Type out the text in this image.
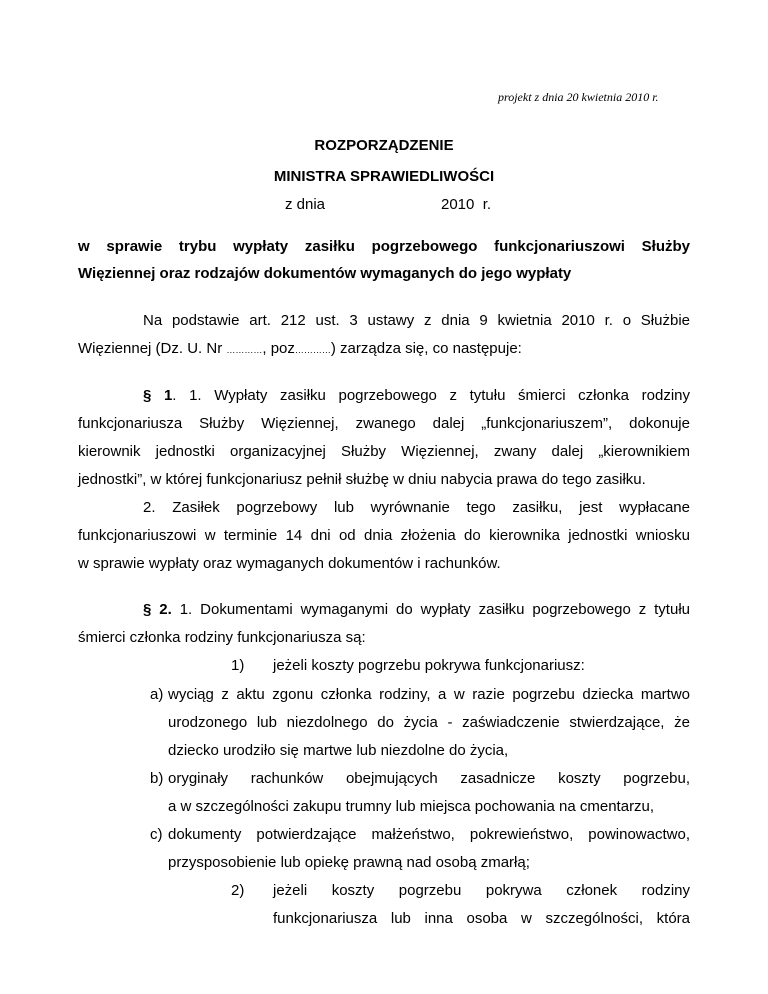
projekt z dnia 20 kwietnia 2010 r.
ROZPORZĄDZENIE
MINISTRA SPRAWIEDLIWOŚCI
z dnia	2010  r.
w sprawie trybu wypłaty zasiłku pogrzebowego funkcjonariuszowi Służby
Więziennej oraz rodzajów dokumentów wymaganych do jego wypłaty
Na podstawie art. 212 ust. 3 ustawy z dnia 9 kwietnia 2010 r. o Służbie
Więziennej (Dz. U. Nr …………, poz…………) zarządza się, co następuje:
§ 1. 1. Wypłaty zasiłku pogrzebowego z tytułu śmierci członka rodziny
funkcjonariusza Służby Więziennej, zwanego dalej „funkcjonariuszem”, dokonuje
kierownik jednostki organizacyjnej Służby Więziennej, zwany dalej „kierownikiem
jednostki”, w której funkcjonariusz pełnił służbę w dniu nabycia prawa do tego zasiłku.
2. Zasiłek pogrzebowy lub wyrównanie tego zasiłku, jest wypłacane
funkcjonariuszowi w terminie 14 dni od dnia złożenia do kierownika jednostki wniosku
w sprawie wypłaty oraz wymaganych dokumentów i rachunków.
§ 2. 1. Dokumentami wymaganymi do wypłaty zasiłku pogrzebowego z tytułu
śmierci członka rodziny funkcjonariusza są:
1) jeżeli koszty pogrzebu pokrywa funkcjonariusz:
a) wyciąg z aktu zgonu członka rodziny, a w razie pogrzebu dziecka martwo
urodzonego lub niezdolnego do życia - zaświadczenie stwierdzające, że
dziecko urodziło się martwe lub niezdolne do życia,
b) oryginały rachunków obejmujących zasadnicze koszty pogrzebu,
a w szczególności zakupu trumny lub miejsca pochowania na cmentarzu,
c) dokumenty potwierdzające małżeństwo, pokrewieństwo, powinowactwo,
przysposobienie lub opiekę prawną nad osobą zmarłą;
2) jeżeli koszty pogrzebu pokrywa członek rodziny
funkcjonariusza lub inna osoba w szczególności, która
